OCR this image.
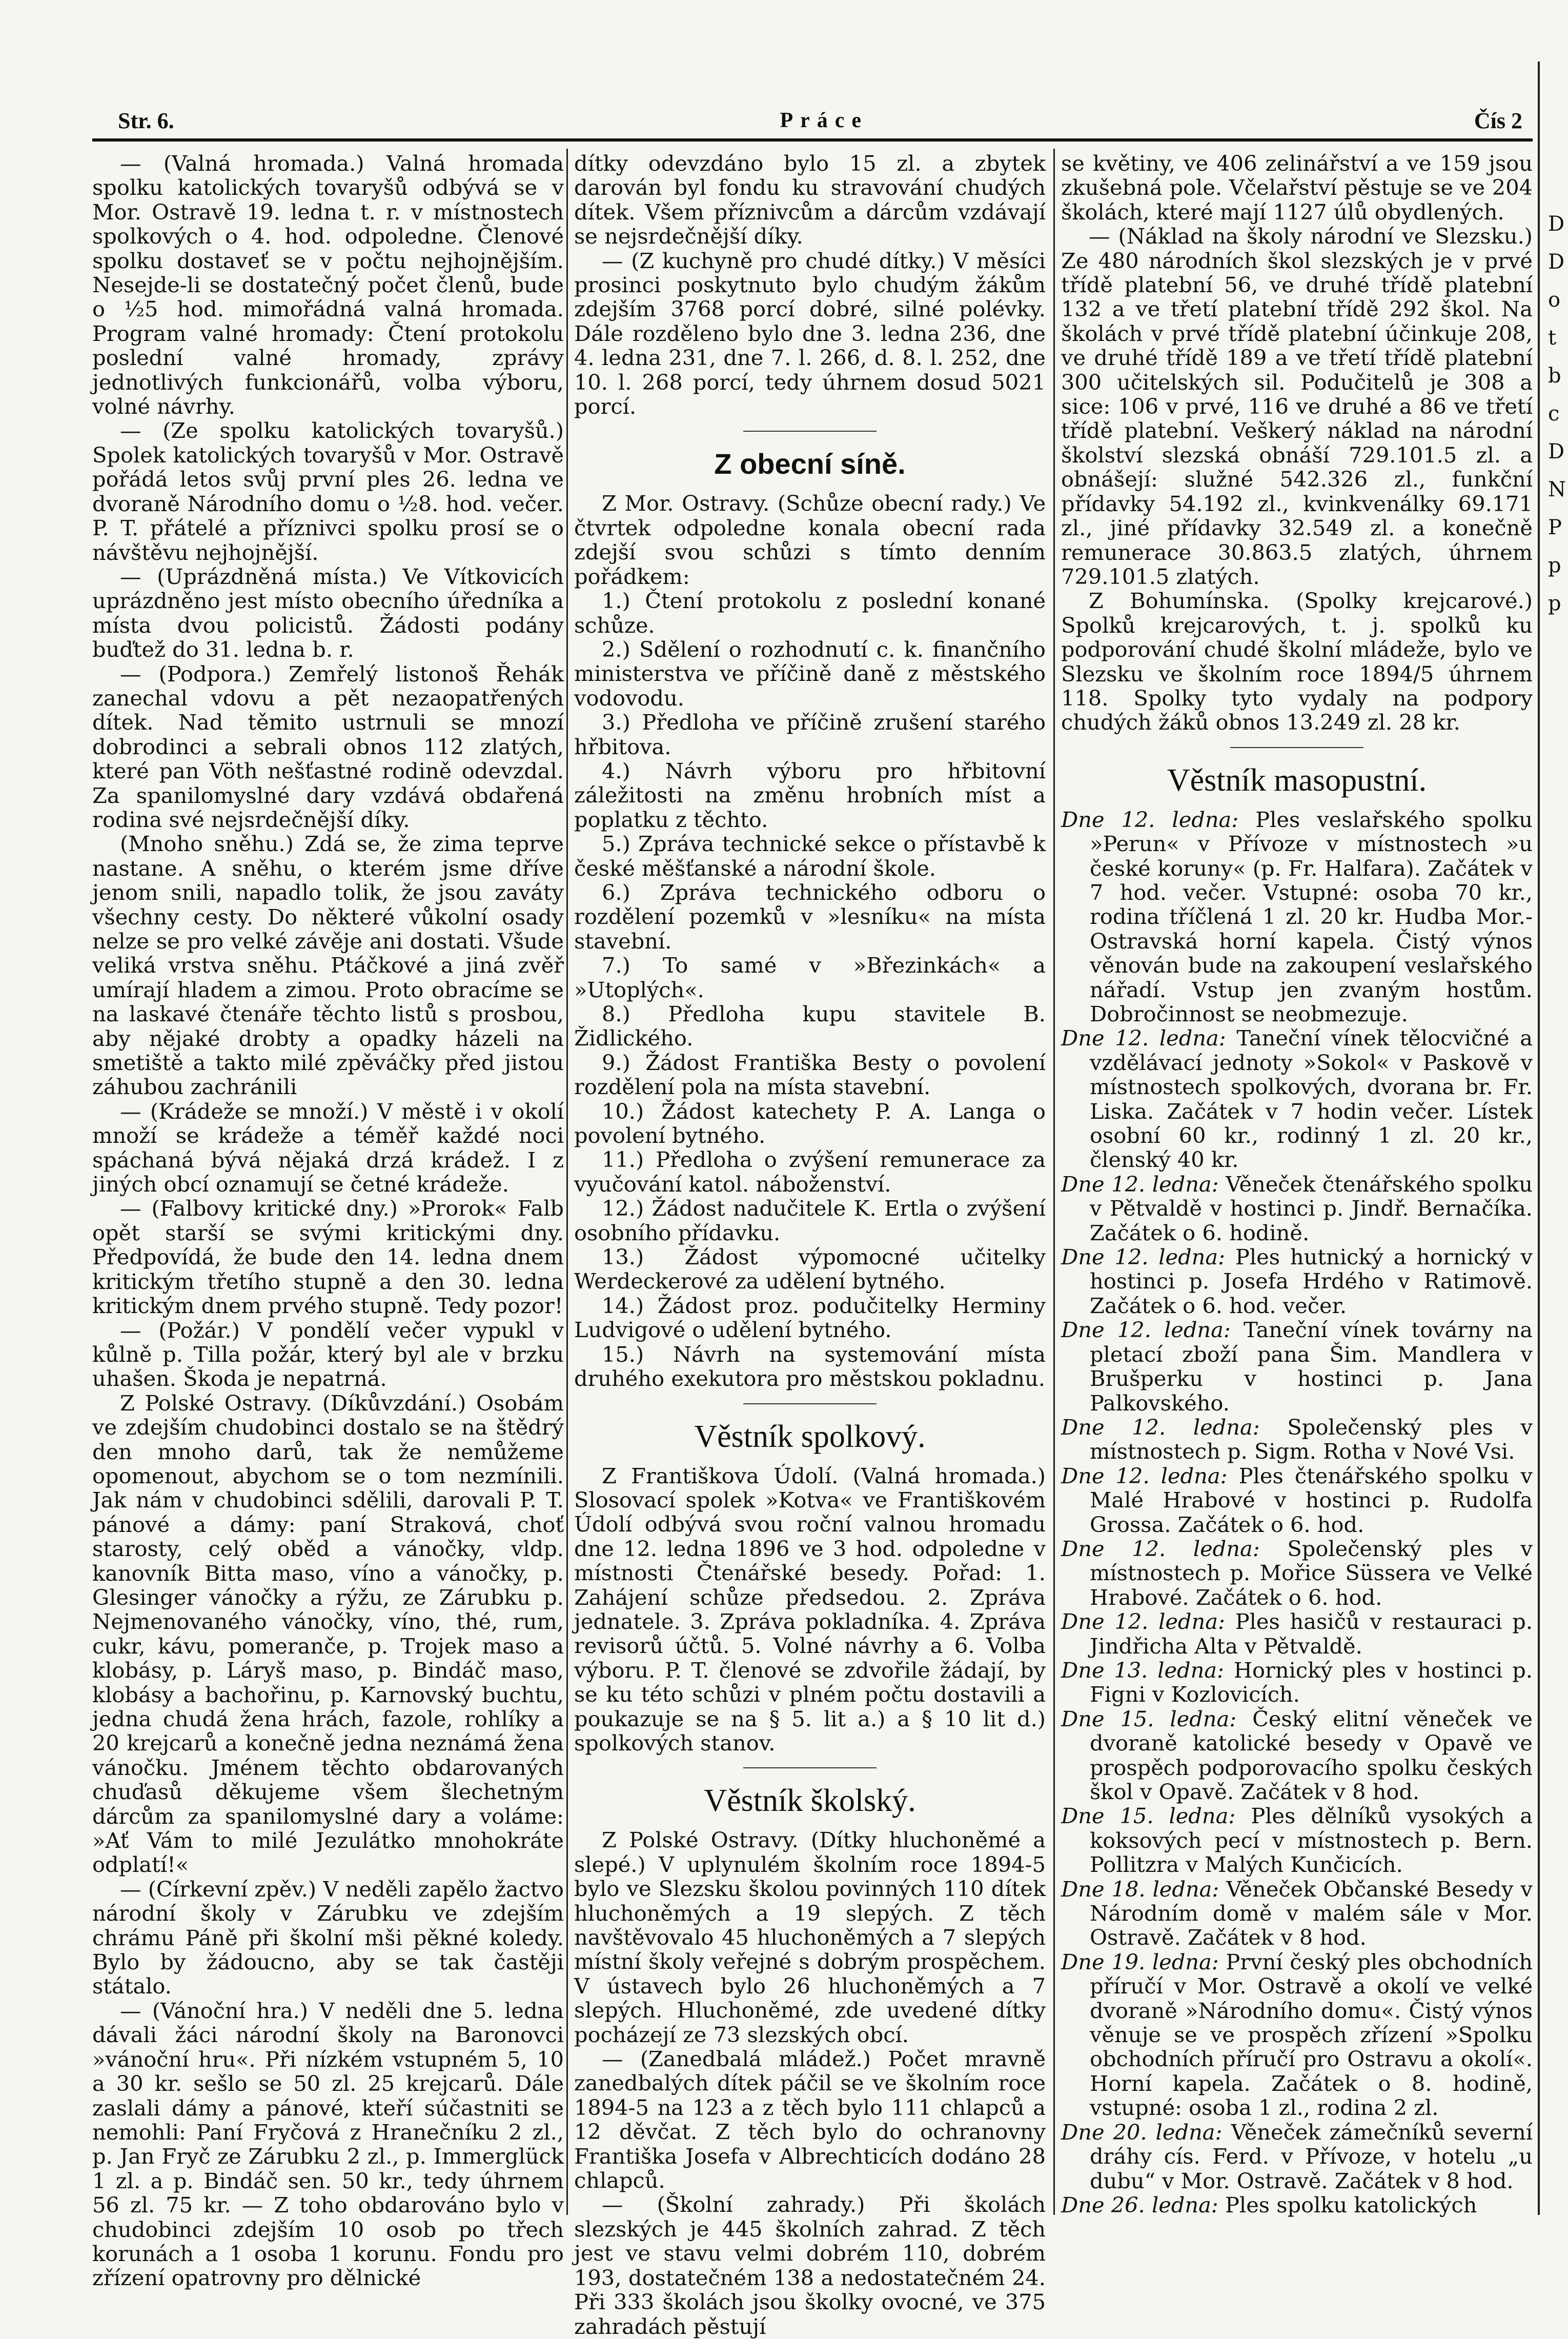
Str. 6.	Práce	Čís 2
D
D
o
t
b
c
D
N
P
p
p

— (Valná hromada.) Valná hromada spolku katolických tovaryšů odbývá se v Mor. Ostravě 19. ledna t. r. v místnostech spolkových o 4. hod. odpoledne. Členové spolku dostaveť se v počtu nejhojnějším. Nesejde-li se dostatečný počet členů, bude o ½5 hod. mimořádná valná hromada. Program valné hromady: Čtení protokolu poslední valné hromady, zprávy jednotlivých funkcionářů, volba výboru, volné návrhy.

— (Ze spolku katolických tovaryšů.) Spolek katolických tovaryšů v Mor. Ostravě pořádá letos svůj první ples 26. ledna ve dvoraně Národního domu o ½8. hod. večer. P. T. přátelé a příznivci spolku prosí se o návštěvu nejhojnější.

— (Uprázdněná místa.) Ve Vítkovicích uprázdněno jest místo obecního úředníka a místa dvou policistů. Žádosti podány buďtež do 31. ledna b. r.

— (Podpora.) Zemřelý listonoš Řehák zanechal vdovu a pět nezaopatřených dítek. Nad těmito ustrnuli se mnozí dobrodinci a sebrali obnos 112 zlatých, které pan Vöth nešťastné rodině odevzdal. Za spanilomyslné dary vzdává obdařená rodina své nejsrdečnější díky.

(Mnoho sněhu.) Zdá se, že zima teprve nastane. A sněhu, o kterém jsme dříve jenom snili, napadlo tolik, že jsou zaváty všechny cesty. Do některé vůkolní osady nelze se pro velké závěje ani dostati. Všude veliká vrstva sněhu. Ptáčkové a jiná zvěř umírají hladem a zimou. Proto obracíme se na laskavé čtenáře těchto listů s prosbou, aby nějaké drobty a opadky házeli na smetiště a takto milé zpěváčky před jistou záhubou zachránili

— (Krádeže se množí.) V městě i v okolí množí se krádeže a téměř každé noci spáchaná bývá nějaká drzá krádež. I z jiných obcí oznamují se četné krádeže.

— (Falbovy kritické dny.) »Prorok« Falb opět starší se svými kritickými dny. Předpovídá, že bude den 14. ledna dnem kritickým třetího stupně a den 30. ledna kritickým dnem prvého stupně. Tedy pozor!

— (Požár.) V pondělí večer vypukl v kůlně p. Tilla požár, který byl ale v brzku uhašen. Škoda je nepatrná.

Z Polské Ostravy. (Díkůvzdání.) Osobám ve zdejším chudobinci dostalo se na štědrý den mnoho darů, tak že nemůžeme opomenout, abychom se o tom nezmínili. Jak nám v chudobinci sdělili, darovali P. T. pánové a dámy: paní Straková, choť starosty, celý oběd a vánočky, vldp. kanovník Bitta maso, víno a vánočky, p. Glesinger vánočky a rýžu, ze Zárubku p. Nejmenovaného vánočky, víno, thé, rum, cukr, kávu, pomeranče, p. Trojek maso a klobásy, p. Láryš maso, p. Bindáč maso, klobásy a bachořinu, p. Karnovský buchtu, jedna chudá žena hrách, fazole, rohlíky a 20 krejcarů a konečně jedna neznámá žena vánočku. Jménem těchto obdarovaných chuďasů děkujeme všem šlechetným dárcům za spanilomyslné dary a voláme: »Ať Vám to milé Jezulátko mnohokráte odplatí!«

— (Církevní zpěv.) V neděli zapělo žactvo národní školy v Zárubku ve zdejším chrámu Páně při školní mši pěkné koledy. Bylo by žádoucno, aby se tak častěji státalo.

— (Vánoční hra.) V neděli dne 5. ledna dávali žáci národní školy na Baronovci »vánoční hru«. Při nízkém vstupném 5, 10 a 30 kr. sešlo se 50 zl. 25 krejcarů. Dále zaslali dámy a pánové, kteří súčastniti se nemohli: Paní Fryčová z Hranečníku 2 zl., p. Jan Fryč ze Zárubku 2 zl., p. Immerglück 1 zl. a p. Bindáč sen. 50 kr., tedy úhrnem 56 zl. 75 kr. — Z toho obdarováno bylo v chudobinci zdejším 10 osob po třech korunách a 1 osoba 1 korunu. Fondu pro zřízení opatrovny pro dělnické

dítky odevzdáno bylo 15 zl. a zbytek darován byl fondu ku stravování chudých dítek. Všem příznivcům a dárcům vzdávají se nejsrdečnější díky.

— (Z kuchyně pro chudé dítky.) V měsíci prosinci poskytnuto bylo chudým žákům zdejším 3768 porcí dobré, silné polévky. Dále rozděleno bylo dne 3. ledna 236, dne 4. ledna 231, dne 7. l. 266, d. 8. l. 252, dne 10. l. 268 porcí, tedy úhrnem dosud 5021 porcí.

Z obecní síně.

Z Mor. Ostravy. (Schůze obecní rady.) Ve čtvrtek odpoledne konala obecní rada zdejší svou schůzi s tímto denním pořádkem:

1.) Čtení protokolu z poslední konané schůze.

2.) Sdělení o rozhodnutí c. k. finančního ministerstva ve příčině daně z městského vodovodu.

3.) Předloha ve příčině zrušení starého hřbitova.

4.) Návrh výboru pro hřbitovní záležitosti na změnu hrobních míst a poplatku z těchto.

5.) Zpráva technické sekce o přístavbě k české měšťanské a národní škole.

6.) Zpráva technického odboru o rozdělení pozemků v »lesníku« na místa stavební.

7.) To samé v »Březinkách« a »Utoplých«.

8.) Předloha kupu stavitele B. Židlického.

9.) Žádost Františka Besty o povolení rozdělení pola na místa stavební.

10.) Žádost katechety P. A. Langa o povolení bytného.

11.) Předloha o zvýšení remunerace za vyučování katol. náboženství.

12.) Žádost nadučitele K. Ertla o zvýšení osobního přídavku.

13.) Žádost výpomocné učitelky Werdeckerové za udělení bytného.

14.) Žádost proz. podučitelky Herminy Ludvigové o udělení bytného.

15.) Návrh na systemování místa druhého exekutora pro městskou pokladnu.

Věstník spolkový.

Z Františkova Údolí. (Valná hromada.) Slosovací spolek »Kotva« ve Františkovém Údolí odbývá svou roční valnou hromadu dne 12. ledna 1896 ve 3 hod. odpoledne v místnosti Čtenářské besedy. Pořad: 1. Zahájení schůze předsedou. 2. Zpráva jednatele. 3. Zpráva pokladníka. 4. Zpráva revisorů účtů. 5. Volné návrhy a 6. Volba výboru. P. T. členové se zdvořile žádají, by se ku této schůzi v plném počtu dostavili a poukazuje se na § 5. lit a.) a § 10 lit d.) spolkových stanov.

Věstník školský.

Z Polské Ostravy. (Dítky hluchoněmé a slepé.) V uplynulém školním roce 1894-5 bylo ve Slezsku školou povinných 110 dítek hluchoněmých a 19 slepých. Z těch navštěvovalo 45 hluchoněmých a 7 slepých místní školy veřejné s dobrým prospěchem. V ústavech bylo 26 hluchoněmých a 7 slepých. Hluchoněmé, zde uvedené dítky pocházejí ze 73 slezských obcí.

— (Zanedbalá mládež.) Počet mravně zanedbalých dítek páčil se ve školním roce 1894-5 na 123 a z těch bylo 111 chlapců a 12 děvčat. Z těch bylo do ochranovny Františka Josefa v Albrechticích dodáno 28 chlapců.

— (Školní zahrady.) Při školách slezských je 445 školních zahrad. Z těch jest ve stavu velmi dobrém 110, dobrém 193, dostatečném 138 a nedostatečném 24. Při 333 školách jsou školky ovocné, ve 375 zahradách pěstují

se květiny, ve 406 zelinářství a ve 159 jsou zkušebná pole. Včelařství pěstuje se ve 204 školách, které mají 1127 úlů obydlených.

— (Náklad na školy národní ve Slezsku.) Ze 480 národních škol slezských je v prvé třídě platební 56, ve druhé třídě platební 132 a ve třetí platební třídě 292 škol. Na školách v prvé třídě platební účinkuje 208, ve druhé třídě 189 a ve třetí třídě platební 300 učitelských sil. Podučitelů je 308 a sice: 106 v prvé, 116 ve druhé a 86 ve třetí třídě platební. Veškerý náklad na národní školství slezská obnáší 729.101.5 zl. a obnášejí: služné 542.326 zl., funkční přídavky 54.192 zl., kvinkvenálky 69.171 zl., jiné přídavky 32.549 zl. a konečně remunerace 30.863.5 zlatých, úhrnem 729.101.5 zlatých.

Z Bohumínska. (Spolky krejcarové.) Spolků krejcarových, t. j. spolků ku podporování chudé školní mládeže, bylo ve Slezsku ve školním roce 1894/5 úhrnem 118. Spolky tyto vydaly na podpory chudých žáků obnos 13.249 zl. 28 kr.

Věstník masopustní.

Dne 12. ledna: Ples veslařského spolku »Perun« v Přívoze v místnostech »u české koruny« (p. Fr. Halfara). Začátek v 7 hod. večer. Vstupné: osoba 70 kr., rodina tříčlená 1 zl. 20 kr. Hudba Mor.-Ostravská horní kapela. Čistý výnos věnován bude na zakoupení veslařského nářadí. Vstup jen zvaným hostům. Dobročinnost se neobmezuje.

Dne 12. ledna: Taneční vínek tělocvičné a vzdělávací jednoty »Sokol« v Paskově v místnostech spolkových, dvorana br. Fr. Liska. Začátek v 7 hodin večer. Lístek osobní 60 kr., rodinný 1 zl. 20 kr., členský 40 kr.

Dne 12. ledna: Věneček čtenářského spolku v Pětvaldě v hostinci p. Jindř. Bernačíka. Začátek o 6. hodině.

Dne 12. ledna: Ples hutnický a hornický v hostinci p. Josefa Hrdého v Ratimově. Začátek o 6. hod. večer.

Dne 12. ledna: Taneční vínek továrny na pletací zboží pana Šim. Mandlera v Brušperku v hostinci p. Jana Palkovského.

Dne 12. ledna: Společenský ples v místnostech p. Sigm. Rotha v Nové Vsi.

Dne 12. ledna: Ples čtenářského spolku v Malé Hrabové v hostinci p. Rudolfa Grossa. Začátek o 6. hod.

Dne 12. ledna: Společenský ples v místnostech p. Mořice Süssera ve Velké Hrabové. Začátek o 6. hod.

Dne 12. ledna: Ples hasičů v restauraci p. Jindřicha Alta v Pětvaldě.

Dne 13. ledna: Hornický ples v hostinci p. Figni v Kozlovicích.

Dne 15. ledna: Český elitní věneček ve dvoraně katolické besedy v Opavě ve prospěch podporovacího spolku českých škol v Opavě. Začátek v 8 hod.

Dne 15. ledna: Ples dělníků vysokých a koksových pecí v místnostech p. Bern. Pollitzra v Malých Kunčicích.

Dne 18. ledna: Věneček Občanské Besedy v Národním domě v malém sále v Mor. Ostravě. Začátek v 8 hod.

Dne 19. ledna: První český ples obchodních příručí v Mor. Ostravě a okolí ve velké dvoraně »Národního domu«. Čistý výnos věnuje se ve prospěch zřízení »Spolku obchodních příručí pro Ostravu a okolí«. Horní kapela. Začátek o 8. hodině, vstupné: osoba 1 zl., rodina 2 zl.

Dne 20. ledna: Věneček zámečníků severní dráhy cís. Ferd. v Přívoze, v hotelu „u dubu“ v Mor. Ostravě. Začátek v 8 hod.

Dne 26. ledna: Ples spolku katolických
